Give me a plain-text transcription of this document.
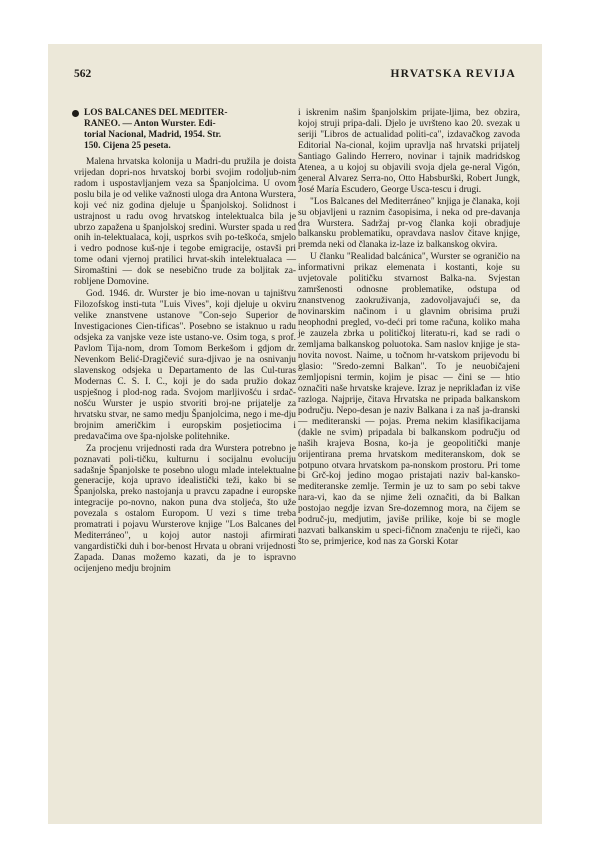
562	HRVATSKA REVIJA
LOS BALCANES DEL MEDITER-
RANEO. — Anton Wurster. Edi-
torial Nacional, Madrid, 1954. Str.
150. Cijena 25 peseta.

Malena hrvatska kolonija u Madri-du pružila je doista vrijedan dopri-nos hrvatskoj borbi svojim rodoljub-nim radom i uspostavljanjem veza sa Španjolcima. U ovom poslu bila je od velike važnosti uloga dra Antona Wurstera, koji već niz godina djeluje u Španjolskoj. Solidnost i ustrajnost u radu ovog hrvatskog intelektualca bila je ubrzo zapažena u španjolskoj sredini. Wurster spada u red onih in-telektualaca, koji, usprkos svih po-teškoća, smjelo i vedro podnose kuš-nje i tegobe emigracije, ostavši pri tome odani vjernoj pratilici hrvat-skih intelektualaca — Siromaštini — dok se nesebično trude za boljitak za-robljene Domovine.

God. 1946. dr. Wurster je bio ime-novan u tajništvu Filozofskog insti-tuta "Luis Vives", koji djeluje u okviru velike znanstvene ustanove "Con-sejo Superior de Investigaciones Cien-tificas". Posebno se istaknuo u radu odsjeka za vanjske veze iste ustano-ve. Osim toga, s prof. Pavlom Tija-nom, drom Tomom Berkešom i gdjom dr. Nevenkom Belić-Dragičević sura-djivao je na osnivanju slavenskog odsjeka u Departamento de las Cul-turas Modernas C. S. I. C., koji je do sada pružio dokaz uspješnog i plod-nog rada. Svojom marljivošću i srdač-nošću Wurster je uspio stvoriti broj-ne prijatelje za hrvatsku stvar, ne samo medju Španjolcima, nego i me-dju brojnim američkim i europskim posjetiocima i predavačima ove špa-njolske politehnike.

Za procjenu vrijednosti rada dra Wurstera potrebno je poznavati poli-tičku, kulturnu i socijalnu evoluciju sadašnje Španjolske te posebno ulogu mlade intelektualne generacije, koja upravo idealistički teži, kako bi se Španjolska, preko nastojanja u pravcu zapadne i europske integracije po-novno, nakon punа dva stoljeća, što uže povezala s ostalom Europom. U vezi s time treba promatrati i pojavu Wursterove knjige "Los Balcanes del Mediterráneo", u kojoj autor nastoji afirmirati vangardistički duh i bor-benost Hrvata u obrani vrijednosti Zapada. Danas možemo kazati, da je to ispravno ocijenjeno medju brojnim

i iskrenim našim španjolskim prijate-ljima, bez obzira, kojoj struji pripa-dali. Djelo je uvršteno kao 20. svezak u seriji "Libros de actualidad politi-ca", izdavačkog zavoda Editorial Na-cional, kojim upravlja naš hrvatski prijatelj Santiago Galindo Herrero, novinar i tajnik madridskog Atenea, a u kojoj su objavili svoja djela ge-neral Vigón, general Alvarez Serra-no, Otto Habsburški, Robert Jungk, José María Escudero, George Usca-tescu i drugi.

"Los Balcanes del Mediterráneo" knjiga je članaka, koji su objavljeni u raznim časopisima, i neka od pre-davanja dra Wurstera. Sadržaj pr-vog članka koji obradjuje balkansku problematiku, opravdava naslov čitave knjige, premda neki od članaka iz-laze iz balkanskog okvira.

U članku "Realidad balcánica", Wurster se ograničio na informativni prikaz elemenata i kostanti, koje su uvjetovale političku stvarnost Balka-na. Svjestan zamršenosti odnosne problematike, odstupa od znanstvenog zaokruživanja, zadovoljavajući se, da novinarskim načinom i u glavnim obrisima pruži neophodni pregled, vo-deći pri tome računa, koliko maha je zauzela zbrka u političkoj literatu-ri, kad se radi o zemljama balkanskog poluotoka. Sam naslov knjige je sta-novita novost. Naime, u točnom hr-vatskom prijevodu bi glasio: "Sredo-zemni Balkan". To je neuobičajeni zemljopisni termin, kojim je pisac — čini se — htio označiti naše hrvatske krajeve. Izraz je nepriklađan iz više razloga. Najprije, čitava Hrvatska ne pripada balkanskom području. Nepo-desan je naziv Balkana i za naš ja-dranski — mediteranski — pojas. Prema nekim klasifikacijama (dakle ne svim) pripadala bi balkanskom području od naših krajeva Bosna, ko-ja je geopolitički manje orijentirana prema hrvatskom mediteranskom, dok se potpuno otvara hrvatskom pa-nonskom prostoru. Pri tome bi Grč-koj jedino mogao pristajati naziv bal-kansko-mediteranske zemlje. Termin je uz to sam po sebi takve nara-vi, kao da se njime želi označiti, da bi Balkan postojao negdje izvan Sre-dozemnog mora, na čijem se područ-ju, medjutim, javiše prilike, koje bi se mogle nazvati balkanskim u speci-fičnom značenju te riječi, kao što se, primjerice, kod nas za Gorski Kotar
